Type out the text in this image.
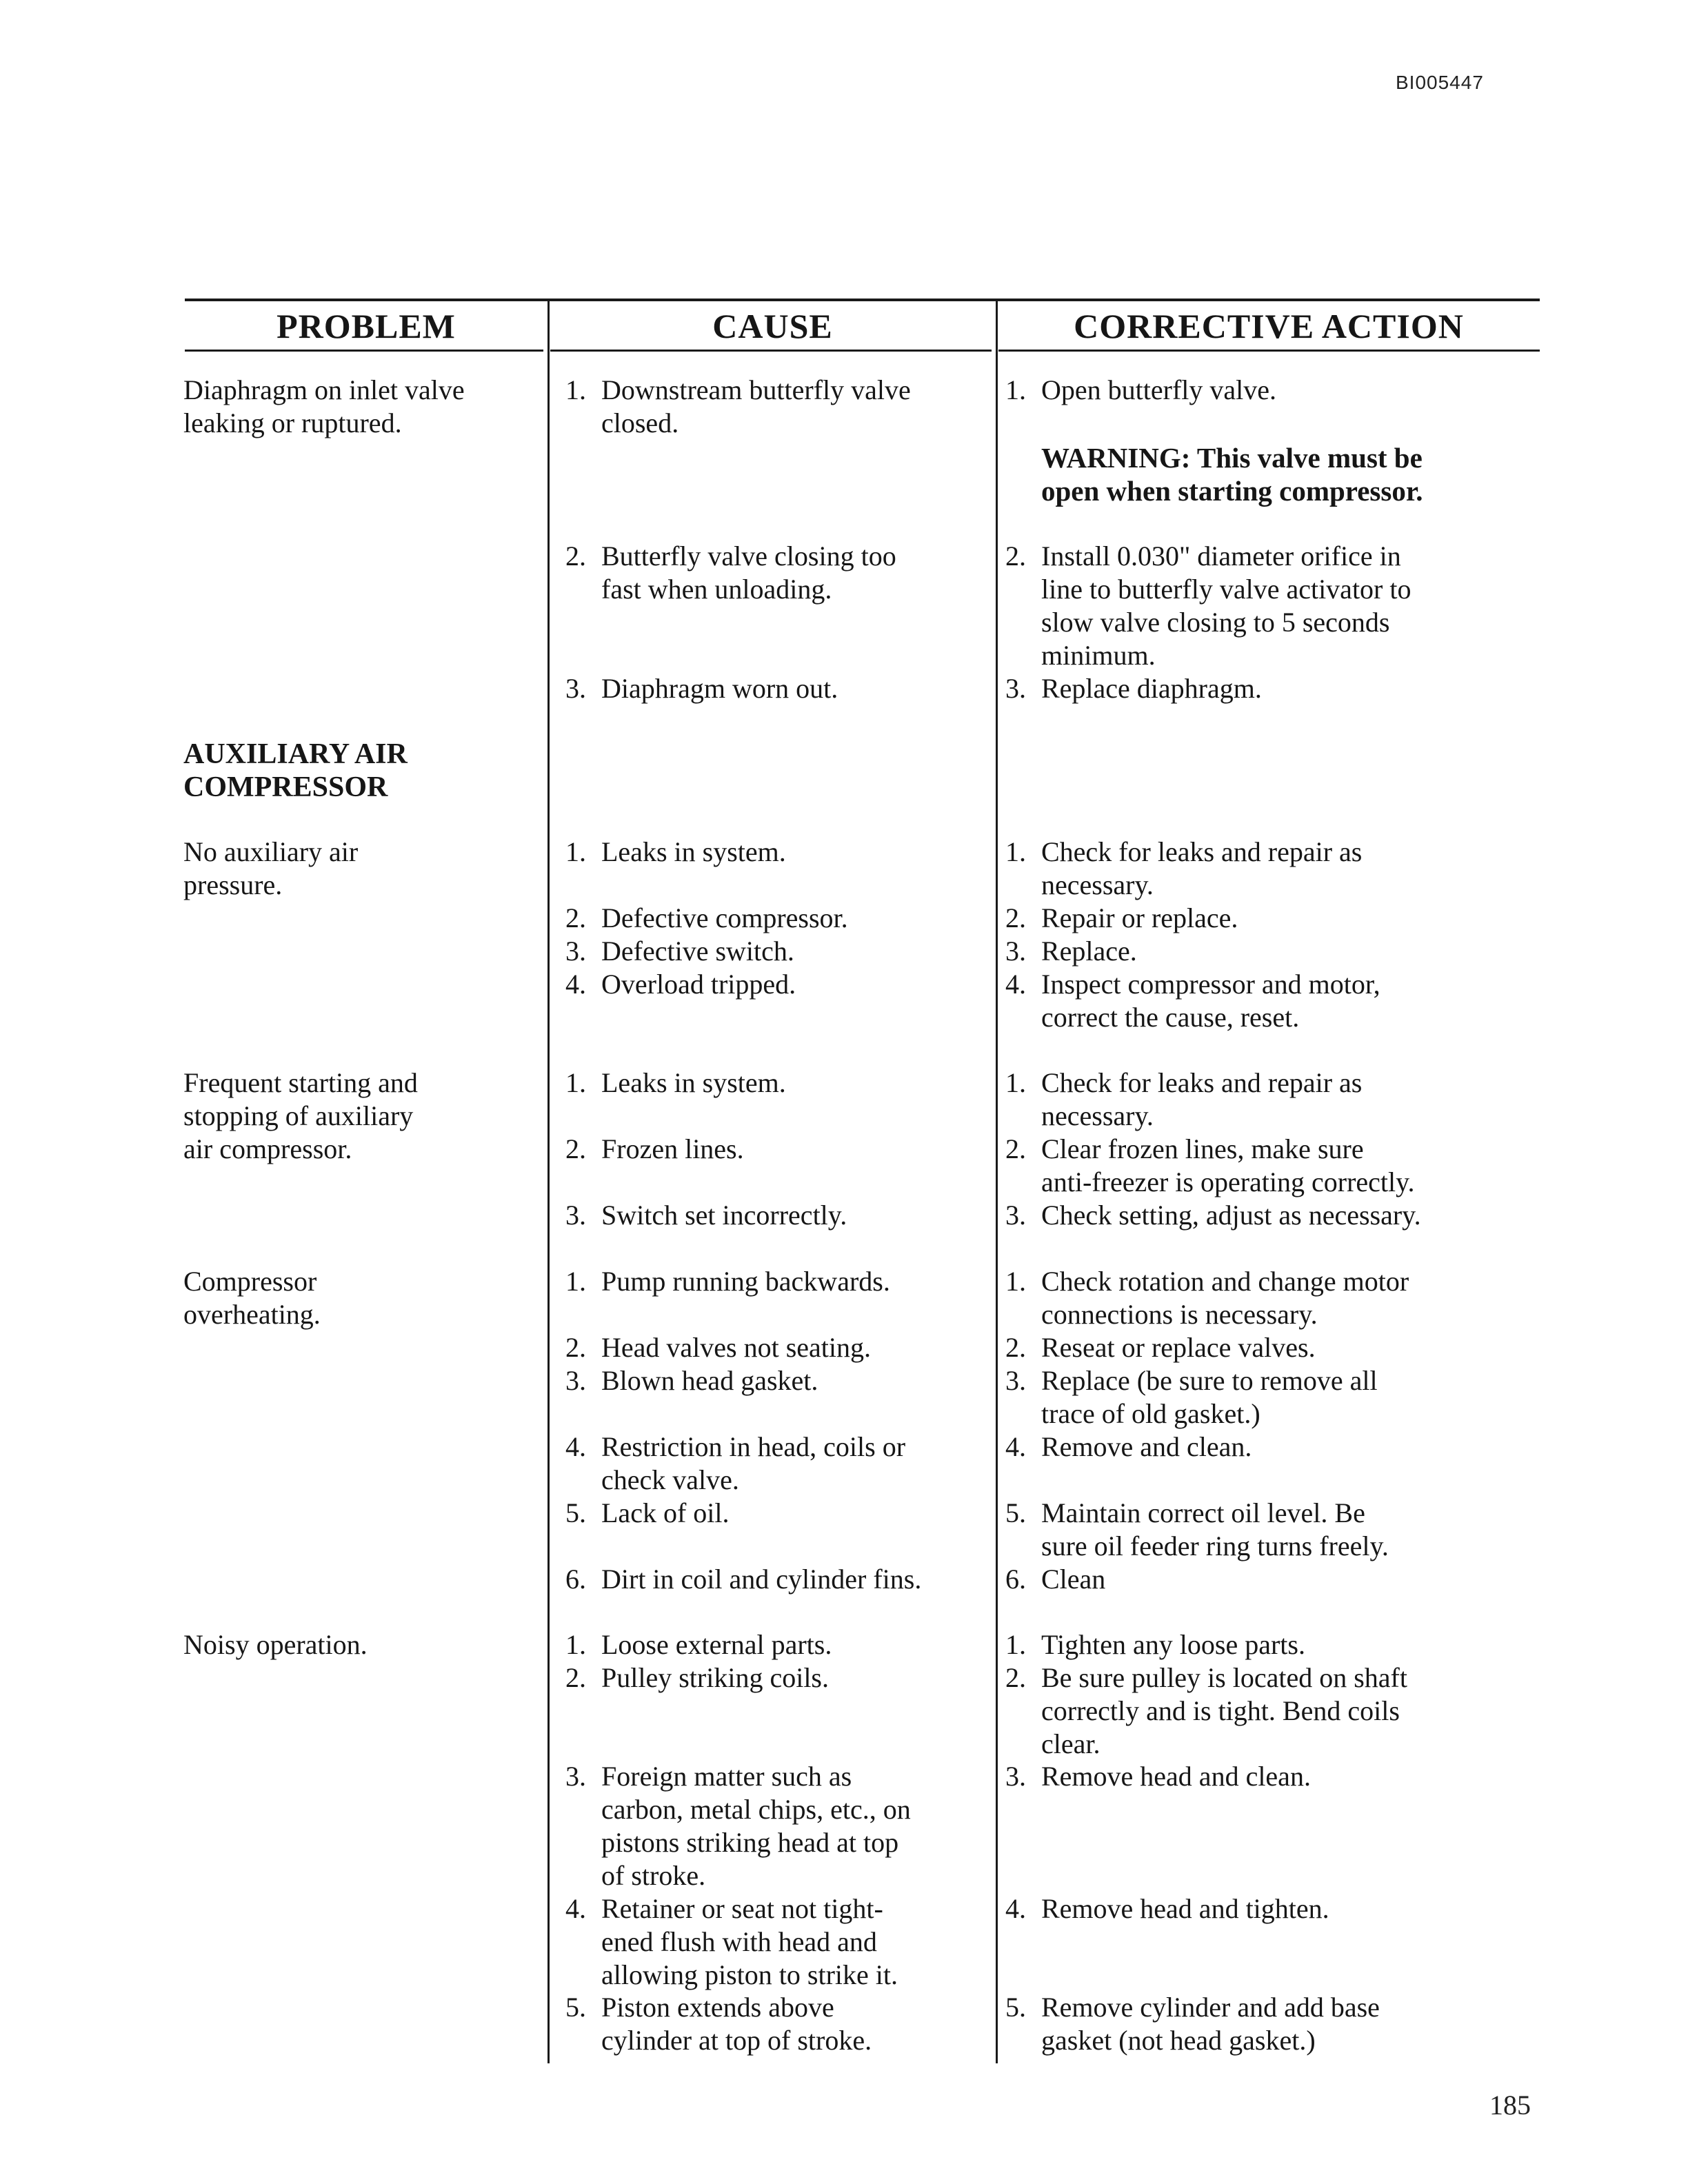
BI005447
PROBLEM	CAUSE	CORRECTIVE ACTION
Diaphragm on inlet valve
leaking or ruptured.
AUXILIARY AIR
COMPRESSOR
No auxiliary air
pressure.
Frequent starting and
stopping of auxiliary
air compressor.
Compressor
overheating.
Noisy operation.
1. Downstream butterfly valve
closed.
2. Butterfly valve closing too
fast when unloading.
3. Diaphragm worn out.
1. Leaks in system.
2. Defective compressor.
3. Defective switch.
4. Overload tripped.
1. Leaks in system.
2. Frozen lines.
3. Switch set incorrectly.
1. Pump running backwards.
2. Head valves not seating.
3. Blown head gasket.
4. Restriction in head, coils or
check valve.
5. Lack of oil.
6. Dirt in coil and cylinder fins.
1. Loose external parts.
2. Pulley striking coils.
3. Foreign matter such as
carbon, metal chips, etc., on
pistons striking head at top
of stroke.
4. Retainer or seat not tight-
ened flush with head and
allowing piston to strike it.
5. Piston extends above
cylinder at top of stroke.
1. Open butterfly valve.
WARNING: This valve must be
open when starting compressor.
2. Install 0.030" diameter orifice in
line to butterfly valve activator to
slow valve closing to 5 seconds
minimum.
3. Replace diaphragm.
1. Check for leaks and repair as
necessary.
2. Repair or replace.
3. Replace.
4. Inspect compressor and motor,
correct the cause, reset.
1. Check for leaks and repair as
necessary.
2. Clear frozen lines, make sure
anti-freezer is operating correctly.
3. Check setting, adjust as necessary.
1. Check rotation and change motor
connections is necessary.
2. Reseat or replace valves.
3. Replace (be sure to remove all
trace of old gasket.)
4. Remove and clean.
5. Maintain correct oil level. Be
sure oil feeder ring turns freely.
6. Clean
1. Tighten any loose parts.
2. Be sure pulley is located on shaft
correctly and is tight. Bend coils
clear.
3. Remove head and clean.
4. Remove head and tighten.
5. Remove cylinder and add base
gasket (not head gasket.)
185
